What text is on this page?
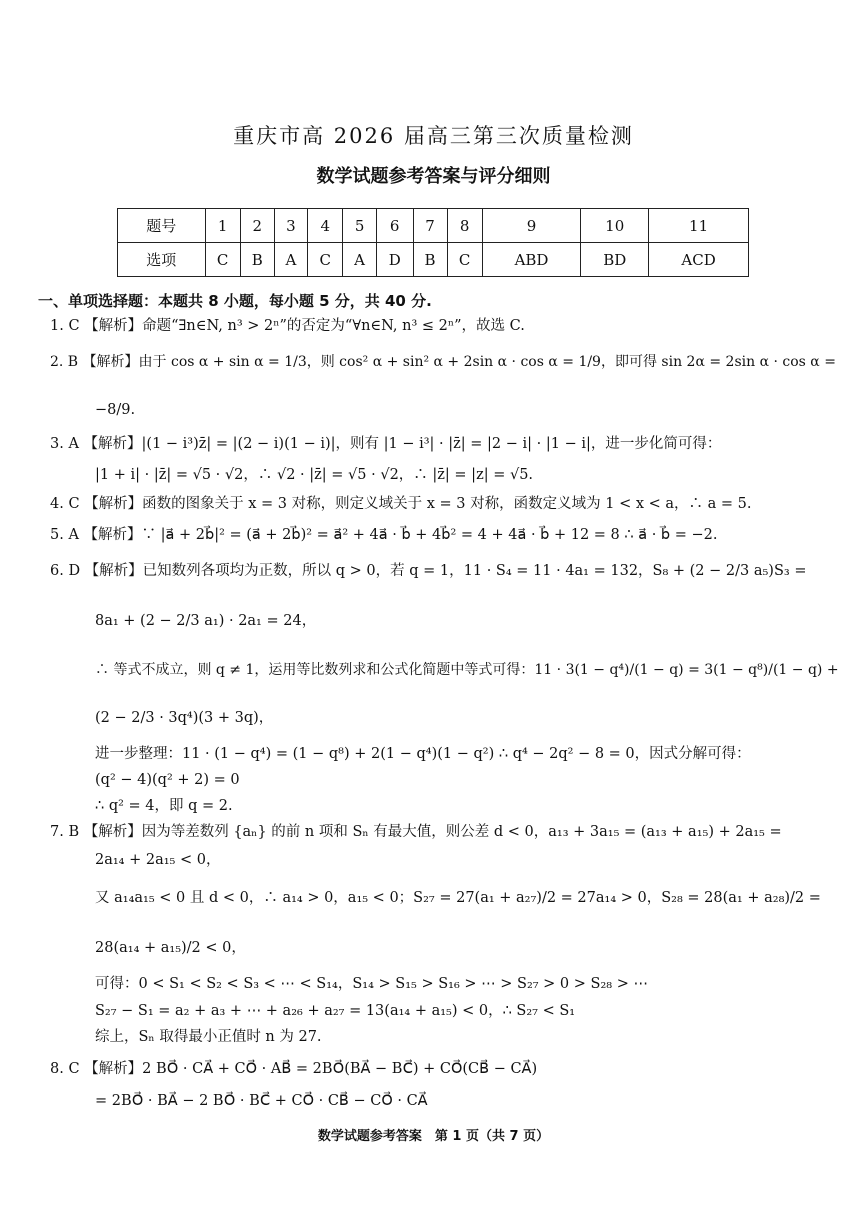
重庆市高 2026 届高三第三次质量检测
数学试题参考答案与评分细则
题号	1	2	3	4	5	6	7	8	9	10	11
选项	C	B	A	C	A	D	B	C	ABD	BD	ACD
一、单项选择题：本题共 8 小题，每小题 5 分，共 40 分.
1. C 【解析】命题“∃n∈N, n³ > 2ⁿ”的否定为“∀n∈N, n³ ≤ 2ⁿ”，故选 C.
2. B 【解析】由于 cos α + sin α = 1/3，则 cos² α + sin² α + 2sin α · cos α = 1/9，即可得 sin 2α = 2sin α · cos α =
−8/9.
3. A 【解析】|(1 − i³)z̄| = |(2 − i)(1 − i)|，则有 |1 − i³| · |z̄| = |2 − i| · |1 − i|，进一步化简可得：
|1 + i| · |z̄| = √5 · √2，∴ √2 · |z̄| = √5 · √2，∴ |z̄| = |z| = √5.
4. C 【解析】函数的图象关于 x = 3 对称，则定义域关于 x = 3 对称，函数定义域为 1 < x < a，∴ a = 5.
5. A 【解析】∵ |a⃗ + 2b⃗|² = (a⃗ + 2b⃗)² = a⃗² + 4a⃗ · b⃗ + 4b⃗² = 4 + 4a⃗ · b⃗ + 12 = 8 ∴ a⃗ · b⃗ = −2.
6. D 【解析】已知数列各项均为正数，所以 q > 0，若 q = 1，11 · S₄ = 11 · 4a₁ = 132，S₈ + (2 − 2/3 a₅)S₃ =
8a₁ + (2 − 2/3 a₁) · 2a₁ = 24，
∴ 等式不成立，则 q ≠ 1，运用等比数列求和公式化简题中等式可得：11 · 3(1 − q⁴)/(1 − q) = 3(1 − q⁸)/(1 − q) +
(2 − 2/3 · 3q⁴)(3 + 3q)，
进一步整理：11 · (1 − q⁴) = (1 − q⁸) + 2(1 − q⁴)(1 − q²) ∴ q⁴ − 2q² − 8 = 0，因式分解可得：
(q² − 4)(q² + 2) = 0
∴ q² = 4，即 q = 2.
7. B 【解析】因为等差数列 {aₙ} 的前 n 项和 Sₙ 有最大值，则公差 d < 0，a₁₃ + 3a₁₅ = (a₁₃ + a₁₅) + 2a₁₅ =
2a₁₄ + 2a₁₅ < 0，
又 a₁₄a₁₅ < 0 且 d < 0，∴ a₁₄ > 0，a₁₅ < 0；S₂₇ = 27(a₁ + a₂₇)/2 = 27a₁₄ > 0，S₂₈ = 28(a₁ + a₂₈)/2 =
28(a₁₄ + a₁₅)/2 < 0，
可得：0 < S₁ < S₂ < S₃ < ⋯ < S₁₄，S₁₄ > S₁₅ > S₁₆ > ⋯ > S₂₇ > 0 > S₂₈ > ⋯
S₂₇ − S₁ = a₂ + a₃ + ⋯ + a₂₆ + a₂₇ = 13(a₁₄ + a₁₅) < 0，∴ S₂₇ < S₁
综上，Sₙ 取得最小正值时 n 为 27.
8. C 【解析】2 BO⃗ · CA⃗ + CO⃗ · AB⃗ = 2BO⃗(BA⃗ − BC⃗) + CO⃗(CB⃗ − CA⃗)
= 2BO⃗ · BA⃗ − 2 BO⃗ · BC⃗ + CO⃗ · CB⃗ − CO⃗ · CA⃗
数学试题参考答案　第 1 页（共 7 页）
